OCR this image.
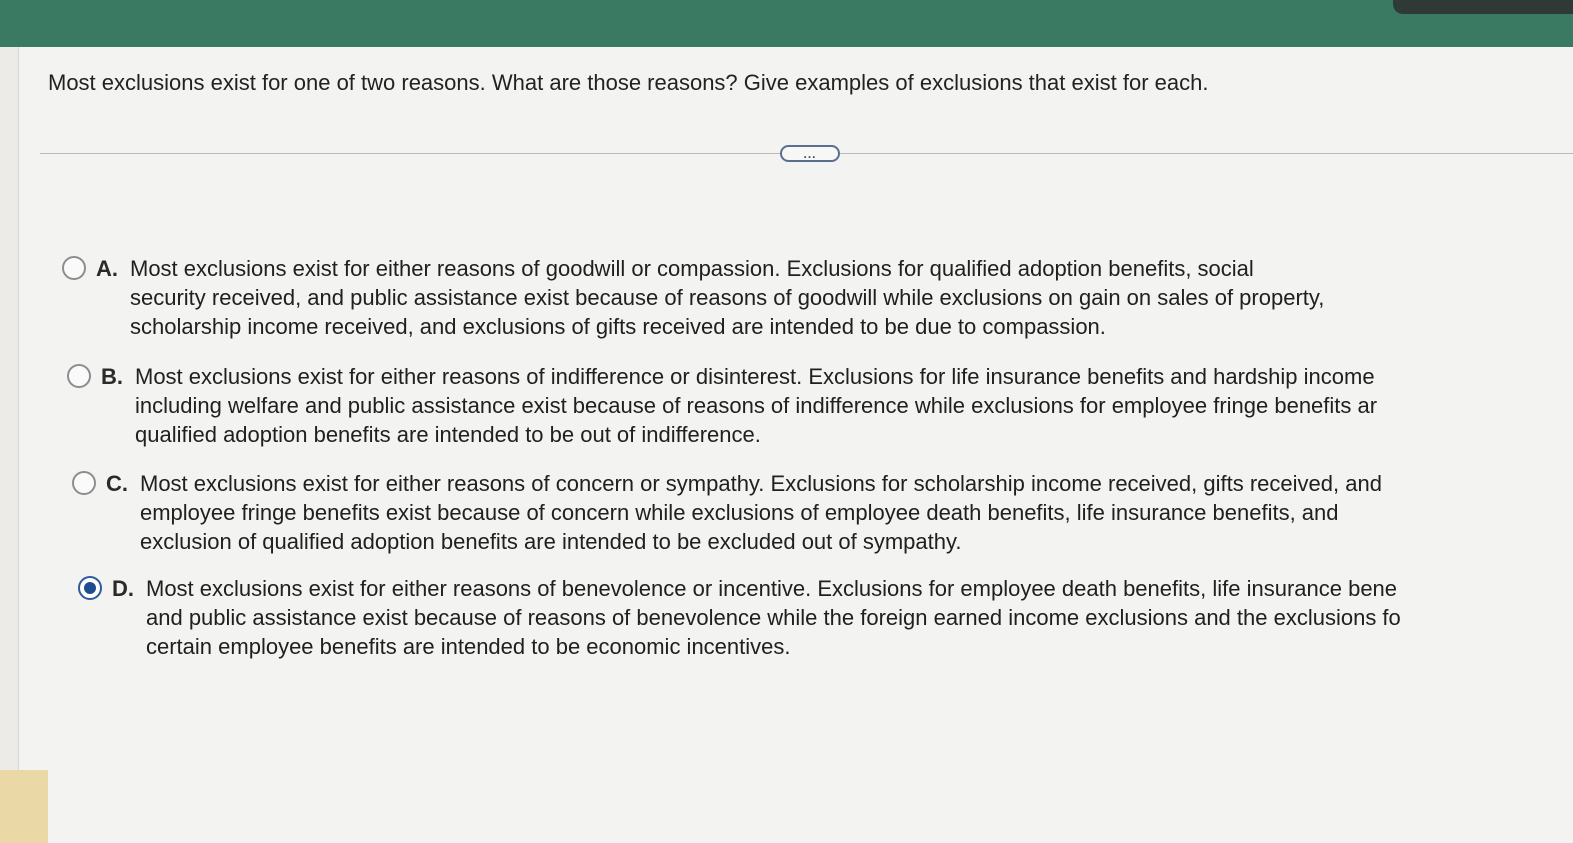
Most exclusions exist for one of two reasons. What are those reasons? Give examples of exclusions that exist for each.
...
A. Most exclusions exist for either reasons of goodwill or compassion. Exclusions for qualified adoption benefits, social
security received, and public assistance exist because of reasons of goodwill while exclusions on gain on sales of property,
scholarship income received, and exclusions of gifts received are intended to be due to compassion.
B. Most exclusions exist for either reasons of indifference or disinterest. Exclusions for life insurance benefits and hardship income
including welfare and public assistance exist because of reasons of indifference while exclusions for employee fringe benefits ar
qualified adoption benefits are intended to be out of indifference.
C. Most exclusions exist for either reasons of concern or sympathy. Exclusions for scholarship income received, gifts received, and
employee fringe benefits exist because of concern while exclusions of employee death benefits, life insurance benefits, and
exclusion of qualified adoption benefits are intended to be excluded out of sympathy.
D. Most exclusions exist for either reasons of benevolence or incentive. Exclusions for employee death benefits, life insurance bene
and public assistance exist because of reasons of benevolence while the foreign earned income exclusions and the exclusions fo
certain employee benefits are intended to be economic incentives.
